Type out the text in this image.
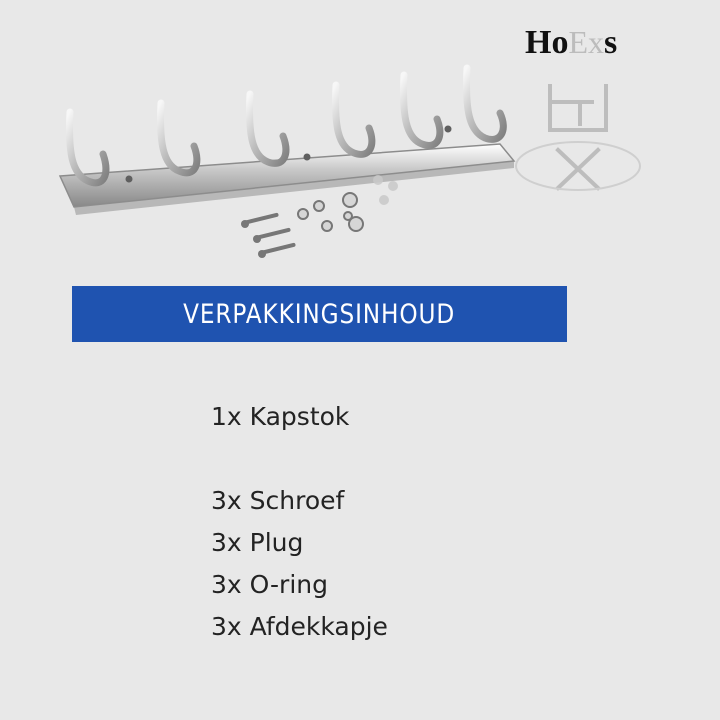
HoExs
VERPAKKINGSINHOUD
1x Kapstok
3x Schroef
3x Plug
3x O-ring
3x Afdekkapje
